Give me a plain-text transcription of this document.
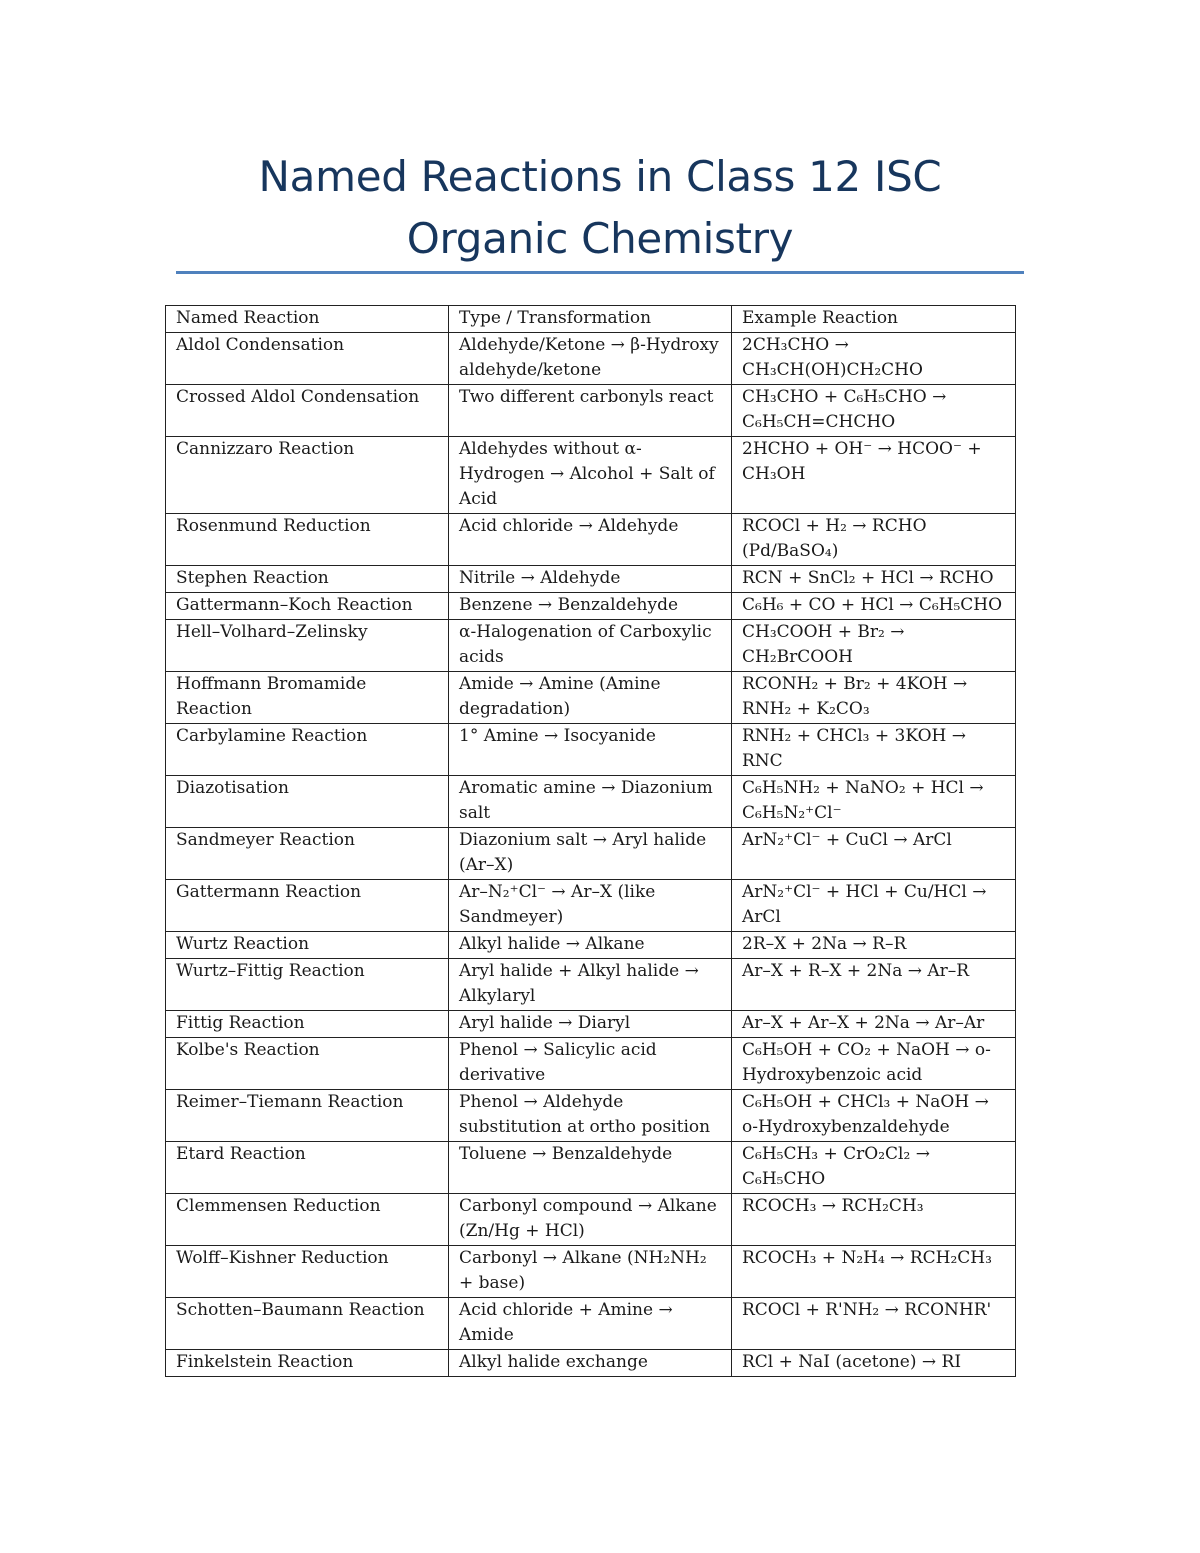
Named Reactions in Class 12 ISC
Organic Chemistry
Named Reaction	Type / Transformation	Example Reaction
Aldol Condensation	Aldehyde/Ketone → β-Hydroxy aldehyde/ketone	2CH₃CHO → CH₃CH(OH)CH₂CHO
Crossed Aldol Condensation	Two different carbonyls react	CH₃CHO + C₆H₅CHO → C₆H₅CH=CHCHO
Cannizzaro Reaction	Aldehydes without α-Hydrogen → Alcohol + Salt of Acid	2HCHO + OH⁻ → HCOO⁻ + CH₃OH
Rosenmund Reduction	Acid chloride → Aldehyde	RCOCl + H₂ → RCHO (Pd/BaSO₄)
Stephen Reaction	Nitrile → Aldehyde	RCN + SnCl₂ + HCl → RCHO
Gattermann–Koch Reaction	Benzene → Benzaldehyde	C₆H₆ + CO + HCl → C₆H₅CHO
Hell–Volhard–Zelinsky	α-Halogenation of Carboxylic acids	CH₃COOH + Br₂ → CH₂BrCOOH
Hoffmann Bromamide Reaction	Amide → Amine (Amine degradation)	RCONH₂ + Br₂ + 4KOH → RNH₂ + K₂CO₃
Carbylamine Reaction	1° Amine → Isocyanide	RNH₂ + CHCl₃ + 3KOH → RNC
Diazotisation	Aromatic amine → Diazonium salt	C₆H₅NH₂ + NaNO₂ + HCl → C₆H₅N₂⁺Cl⁻
Sandmeyer Reaction	Diazonium salt → Aryl halide (Ar–X)	ArN₂⁺Cl⁻ + CuCl → ArCl
Gattermann Reaction	Ar–N₂⁺Cl⁻ → Ar–X (like Sandmeyer)	ArN₂⁺Cl⁻ + HCl + Cu/HCl → ArCl
Wurtz Reaction	Alkyl halide → Alkane	2R–X + 2Na → R–R
Wurtz–Fittig Reaction	Aryl halide + Alkyl halide → Alkylaryl	Ar–X + R–X + 2Na → Ar–R
Fittig Reaction	Aryl halide → Diaryl	Ar–X + Ar–X + 2Na → Ar–Ar
Kolbe's Reaction	Phenol → Salicylic acid derivative	C₆H₅OH + CO₂ + NaOH → o-Hydroxybenzoic acid
Reimer–Tiemann Reaction	Phenol → Aldehyde substitution at ortho position	C₆H₅OH + CHCl₃ + NaOH → o-Hydroxybenzaldehyde
Etard Reaction	Toluene → Benzaldehyde	C₆H₅CH₃ + CrO₂Cl₂ → C₆H₅CHO
Clemmensen Reduction	Carbonyl compound → Alkane (Zn/Hg + HCl)	RCOCH₃ → RCH₂CH₃
Wolff–Kishner Reduction	Carbonyl → Alkane (NH₂NH₂ + base)	RCOCH₃ + N₂H₄ → RCH₂CH₃
Schotten–Baumann Reaction	Acid chloride + Amine → Amide	RCOCl + R'NH₂ → RCONHR'
Finkelstein Reaction	Alkyl halide exchange	RCl + NaI (acetone) → RI
